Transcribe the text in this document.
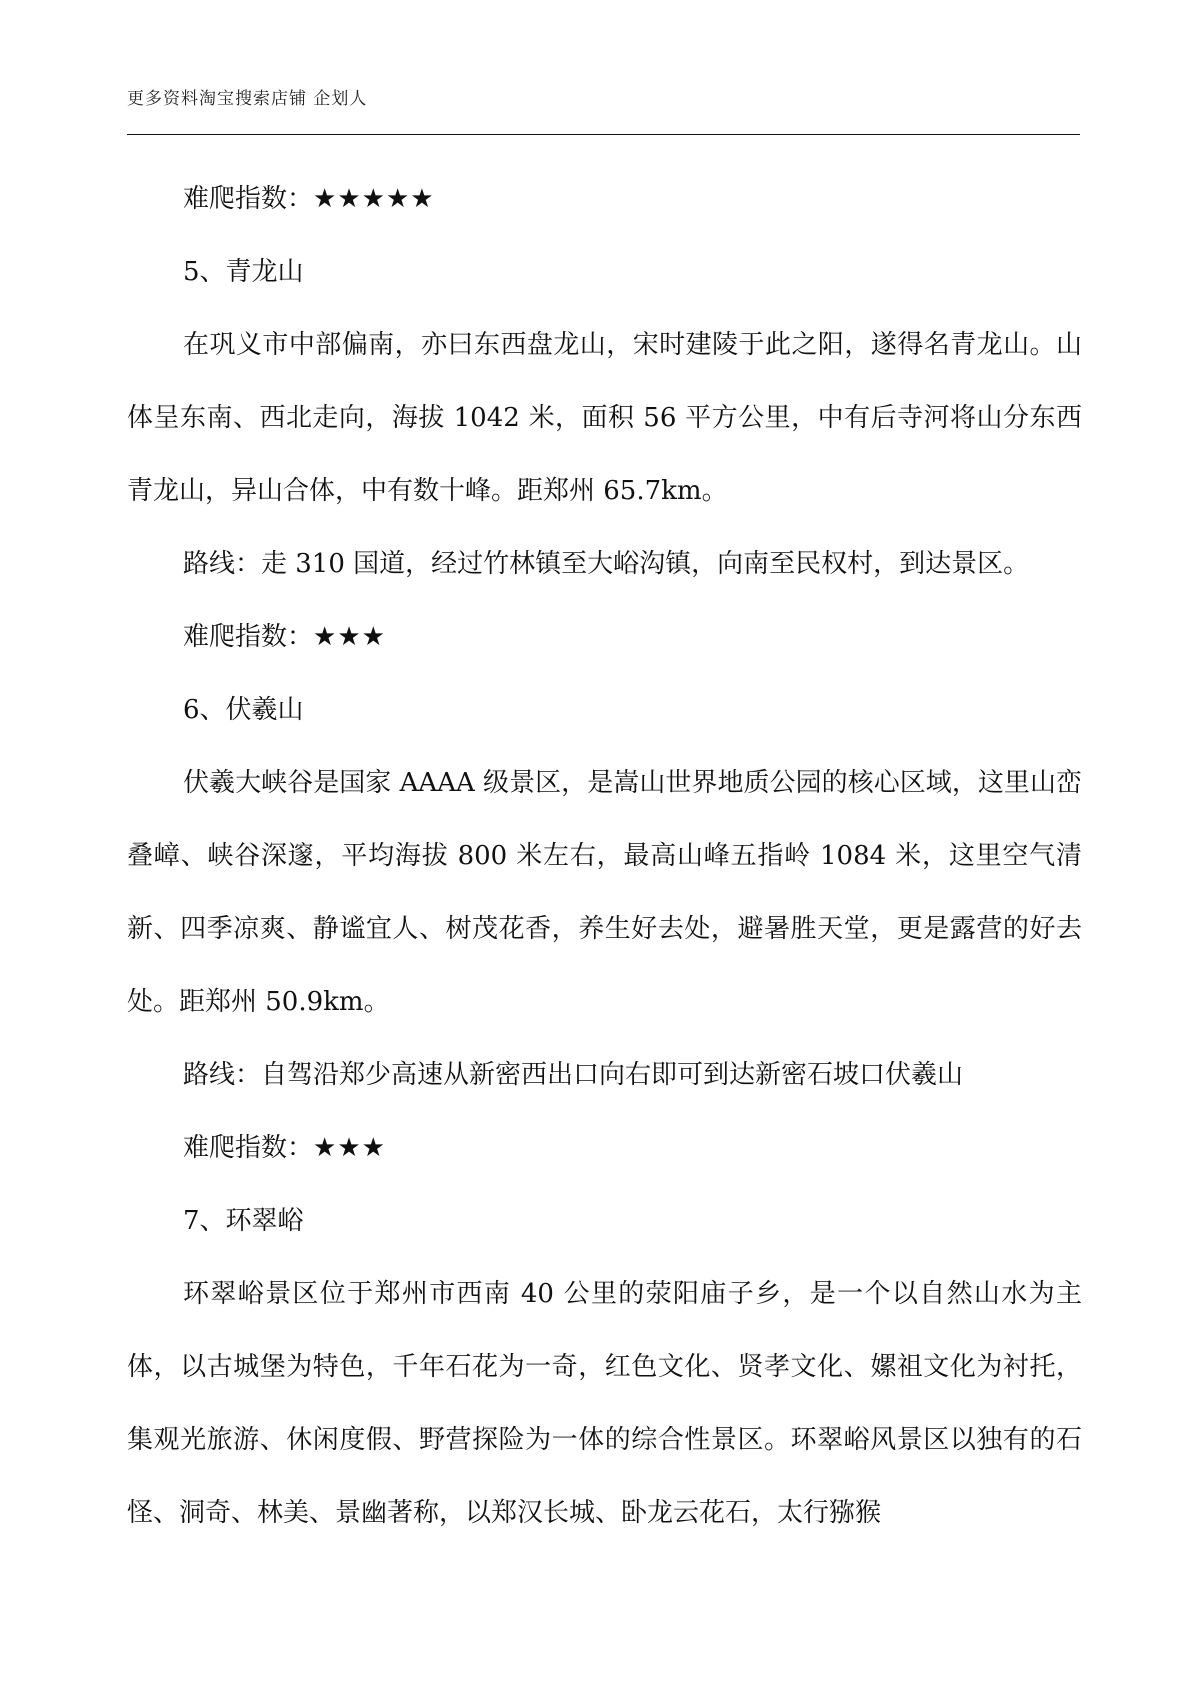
更多资料淘宝搜索店铺 企划人

难爬指数：★★★★★

5、青龙山

在巩义市中部偏南，亦曰东西盘龙山，宋时建陵于此之阳，遂得名青龙山。山体呈东南、西北走向，海拔 1042 米，面积 56 平方公里，中有后寺河将山分东西青龙山，异山合体，中有数十峰。距郑州 65.7km。

路线：走 310 国道，经过竹林镇至大峪沟镇，向南至民权村，到达景区。

难爬指数：★★★

6、伏羲山

伏羲大峡谷是国家 AAAA 级景区，是嵩山世界地质公园的核心区域，这里山峦叠嶂、峡谷深邃，平均海拔 800 米左右，最高山峰五指岭 1084 米，这里空气清新、四季凉爽、静谧宜人、树茂花香，养生好去处，避暑胜天堂，更是露营的好去处。距郑州 50.9km。

路线：自驾沿郑少高速从新密西出口向右即可到达新密石坡口伏羲山

难爬指数：★★★

7、环翠峪

环翠峪景区位于郑州市西南 40 公里的荥阳庙子乡，是一个以自然山水为主体，以古城堡为特色，千年石花为一奇，红色文化、贤孝文化、嫘祖文化为衬托，集观光旅游、休闲度假、野营探险为一体的综合性景区。环翠峪风景区以独有的石怪、洞奇、林美、景幽著称，以郑汉长城、卧龙云花石，太行猕猴
